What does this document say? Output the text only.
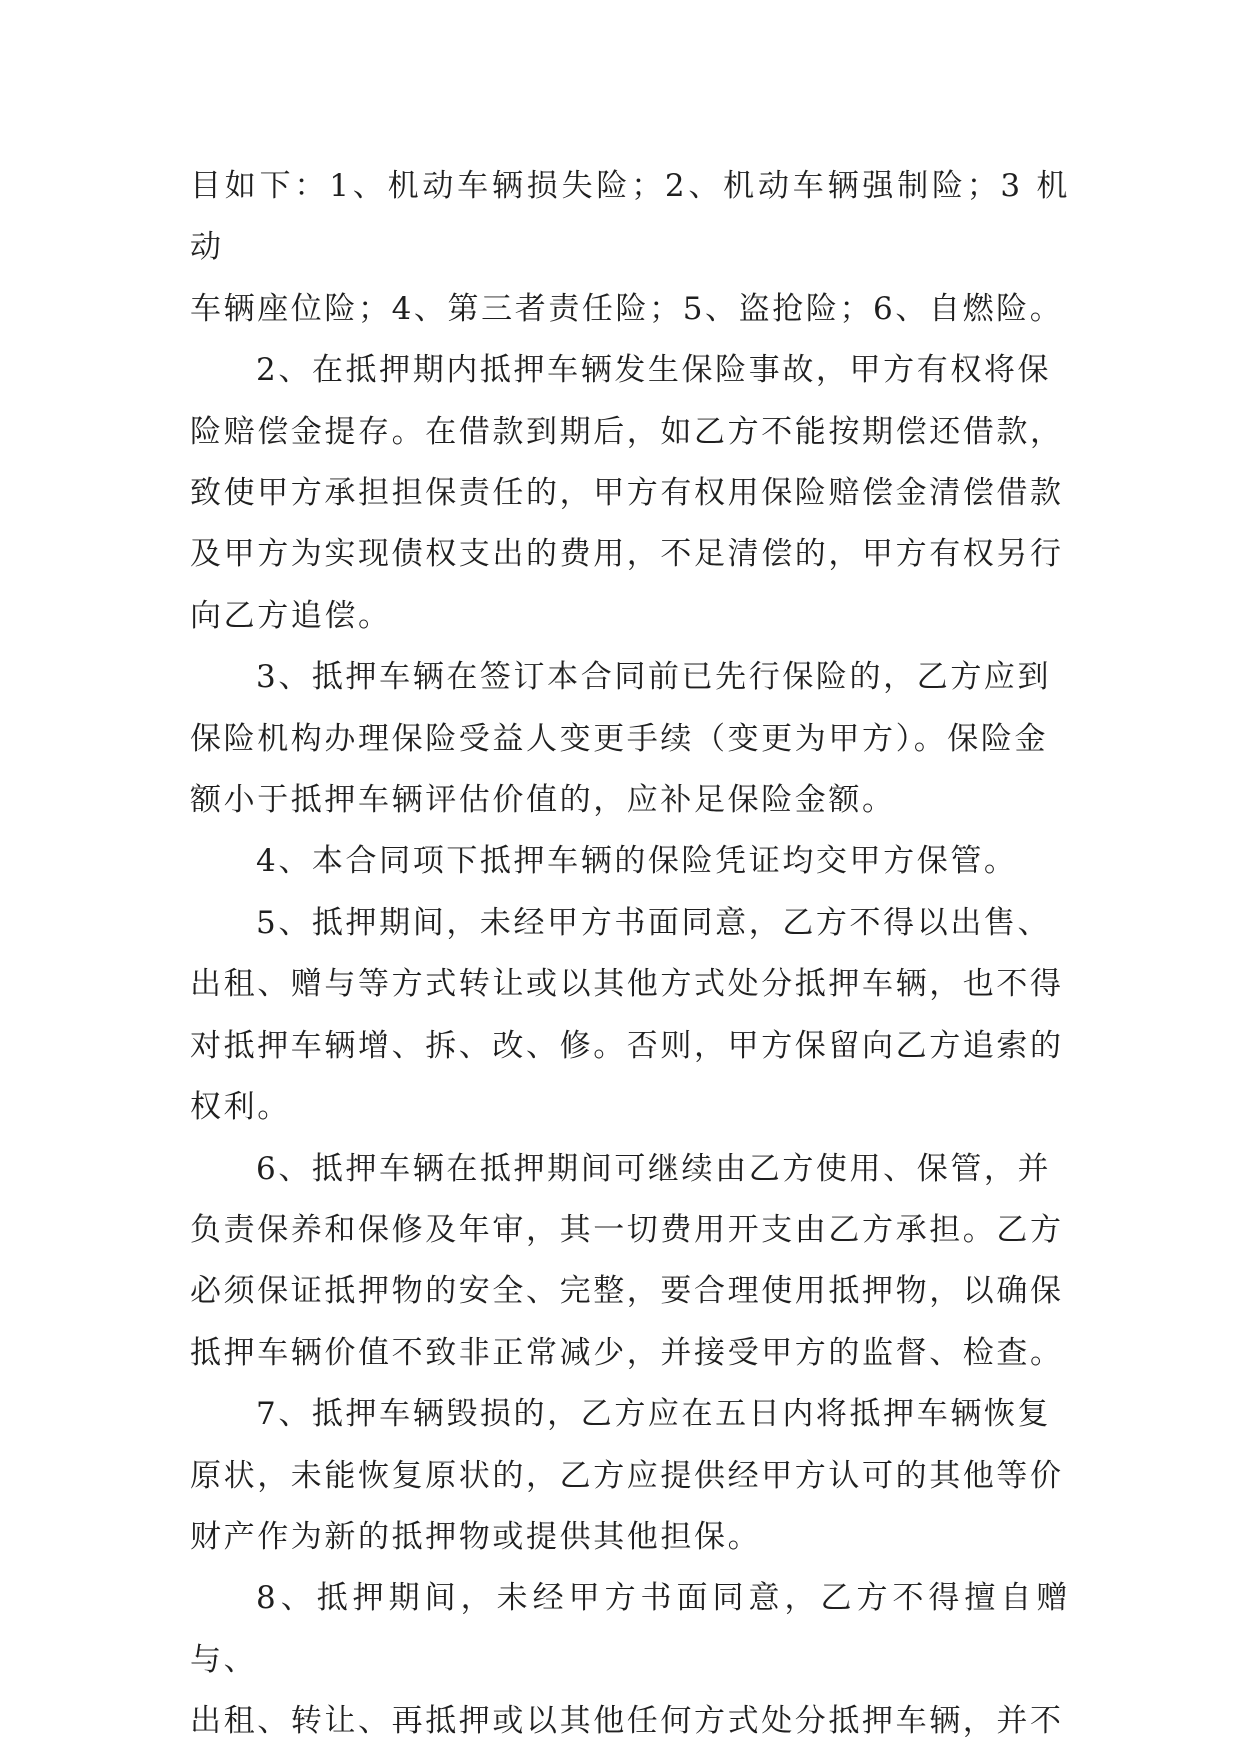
目如下：1、机动车辆损失险；2、机动车辆强制险；3 机动
车辆座位险；4、第三者责任险；5、盗抢险；6、自燃险。

2、在抵押期内抵押车辆发生保险事故，甲方有权将保
险赔偿金提存。在借款到期后，如乙方不能按期偿还借款，
致使甲方承担担保责任的，甲方有权用保险赔偿金清偿借款
及甲方为实现债权支出的费用，不足清偿的，甲方有权另行
向乙方追偿。

3、抵押车辆在签订本合同前已先行保险的，乙方应到
保险机构办理保险受益人变更手续（变更为甲方）。保险金
额小于抵押车辆评估价值的，应补足保险金额。

4、本合同项下抵押车辆的保险凭证均交甲方保管。

5、抵押期间，未经甲方书面同意，乙方不得以出售、
出租、赠与等方式转让或以其他方式处分抵押车辆，也不得
对抵押车辆增、拆、改、修。否则，甲方保留向乙方追索的
权利。

6、抵押车辆在抵押期间可继续由乙方使用、保管，并
负责保养和保修及年审，其一切费用开支由乙方承担。乙方
必须保证抵押物的安全、完整，要合理使用抵押物，以确保
抵押车辆价值不致非正常减少，并接受甲方的监督、检查。

7、抵押车辆毁损的，乙方应在五日内将抵押车辆恢复
原状，未能恢复原状的，乙方应提供经甲方认可的其他等价
财产作为新的抵押物或提供其他担保。

8、抵押期间，未经甲方书面同意，乙方不得擅自赠与、
出租、转让、再抵押或以其他任何方式处分抵押车辆，并不
